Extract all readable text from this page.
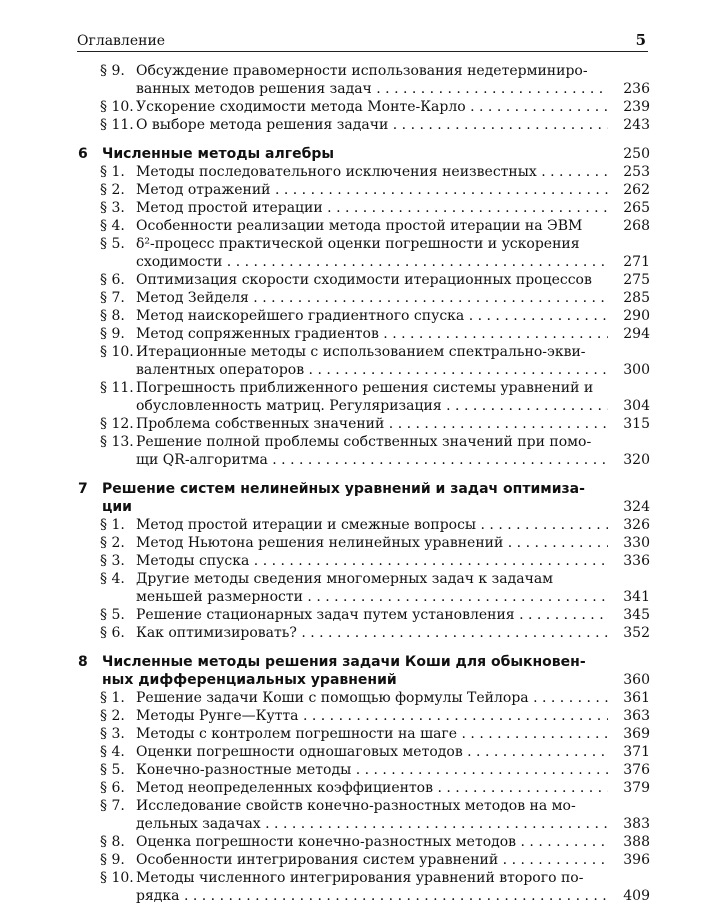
Оглавление	5
§ 9. Обсуждение правомерности использования недетерминиро-
ванных методов решения задач . . .	236
§ 10. Ускорение сходимости метода Монте-Карло . . .	239
§ 11. О выборе метода решения задачи . . .	243
6 Численные методы алгебры	250
§ 1. Методы последовательного исключения неизвестных . . .	253
§ 2. Метод отражений . . .	262
§ 3. Метод простой итерации . . .	265
§ 4. Особенности реализации метода простой итерации на ЭВМ	268
§ 5. δ²-процесс практической оценки погрешности и ускорения
сходимости . . .	271
§ 6. Оптимизация скорости сходимости итерационных процессов 275
§ 7. Метод Зейделя . . .	285
§ 8. Метод наискорейшего градиентного спуска . . .	290
§ 9. Метод сопряженных градиентов . . .	294
§ 10. Итерационные методы с использованием спектрально-экви-
валентных операторов . . .	300
§ 11. Погрешность приближенного решения системы уравнений и
обусловленность матриц. Регуляризация . . .	304
§ 12. Проблема собственных значений . . .	315
§ 13. Решение полной проблемы собственных значений при помо-
щи QR-алгоритма . . .	320
7 Решение систем нелинейных уравнений и задач оптимиза-
ции	324
§ 1. Метод простой итерации и смежные вопросы . . .	326
§ 2. Метод Ньютона решения нелинейных уравнений . . .	330
§ 3. Методы спуска . . .	336
§ 4. Другие методы сведения многомерных задач к задачам
меньшей размерности . . .	341
§ 5. Решение стационарных задач путем установления . . .	345
§ 6. Как оптимизировать? . . .	352
8 Численные методы решения задачи Коши для обыкновен-
ных дифференциальных уравнений	360
§ 1. Решение задачи Коши с помощью формулы Тейлора . . .	361
§ 2. Методы Рунге—Кутта . . .	363
§ 3. Методы с контролем погрешности на шаге . . .	369
§ 4. Оценки погрешности одношаговых методов . . .	371
§ 5. Конечно-разностные методы . . .	376
§ 6. Метод неопределенных коэффициентов . . .	379
§ 7. Исследование свойств конечно-разностных методов на мо-
дельных задачах . . .	383
§ 8. Оценка погрешности конечно-разностных методов . . .	388
§ 9. Особенности интегрирования систем уравнений . . .	396
§ 10. Методы численного интегрирования уравнений второго по-
рядка . . .	409
